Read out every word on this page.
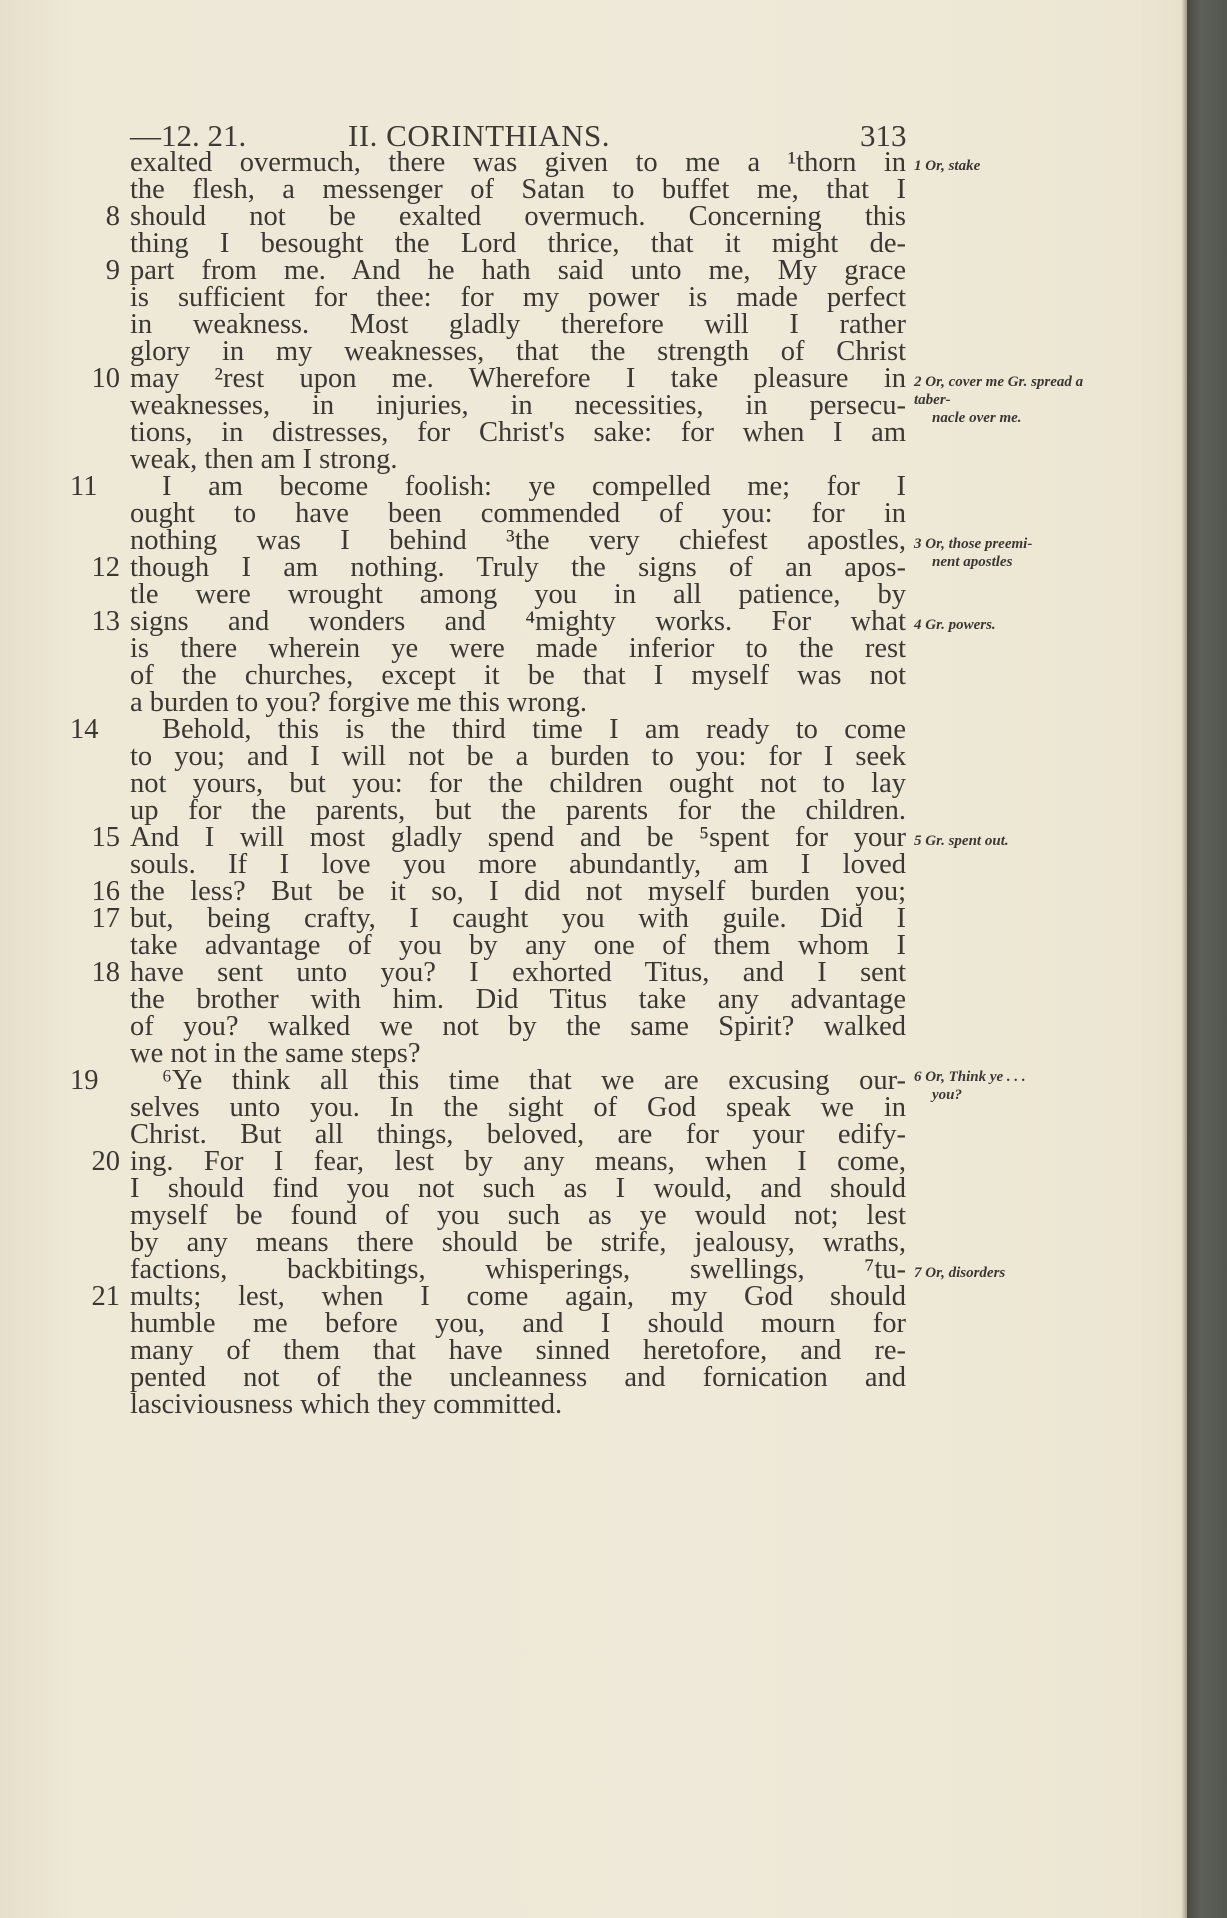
—12. 21.	II. CORINTHIANS.	313
exalted overmuch, there was given to me a ¹thorn in
the flesh, a messenger of Satan to buffet me, that I
should not be exalted overmuch. Concerning this
thing I besought the Lord thrice, that it might de-
part from me. And he hath said unto me, My grace
is sufficient for thee: for my power is made perfect
in weakness. Most gladly therefore will I rather
glory in my weaknesses, that the strength of Christ
may ²rest upon me. Wherefore I take pleasure in
weaknesses, in injuries, in necessities, in persecu-
tions, in distresses, for Christ's sake: for when I am
weak, then am I strong.
I am become foolish: ye compelled me; for I
ought to have been commended of you: for in
nothing was I behind ³the very chiefest apostles,
though I am nothing. Truly the signs of an apos-
tle were wrought among you in all patience, by
signs and wonders and ⁴mighty works. For what
is there wherein ye were made inferior to the rest
of the churches, except it be that I myself was not
a burden to you? forgive me this wrong.
Behold, this is the third time I am ready to come
to you; and I will not be a burden to you: for I seek
not yours, but you: for the children ought not to lay
up for the parents, but the parents for the children.
And I will most gladly spend and be ⁵spent for your
souls. If I love you more abundantly, am I loved
the less? But be it so, I did not myself burden you;
but, being crafty, I caught you with guile. Did I
take advantage of you by any one of them whom I
have sent unto you? I exhorted Titus, and I sent
the brother with him. Did Titus take any advantage
of you? walked we not by the same Spirit? walked
we not in the same steps?
⁶Ye think all this time that we are excusing our-
selves unto you. In the sight of God speak we in
Christ. But all things, beloved, are for your edify-
ing. For I fear, lest by any means, when I come,
I should find you not such as I would, and should
myself be found of you such as ye would not; lest
by any means there should be strife, jealousy, wraths,
factions, backbitings, whisperings, swellings, ⁷tu-
mults; lest, when I come again, my God should
humble me before you, and I should mourn for
many of them that have sinned heretofore, and re-
pented not of the uncleanness and fornication and
lasciviousness which they committed.
8
9
10
11
12
13
14
15
16
17
18
19
20
21
1 Or, stake
2 Or, cover me Gr. spread a taber-
nacle over me.
3 Or, those preemi-
nent apostles
4 Gr. powers.
5 Gr. spent out.
6 Or, Think ye . . .
you?
7 Or, disorders
